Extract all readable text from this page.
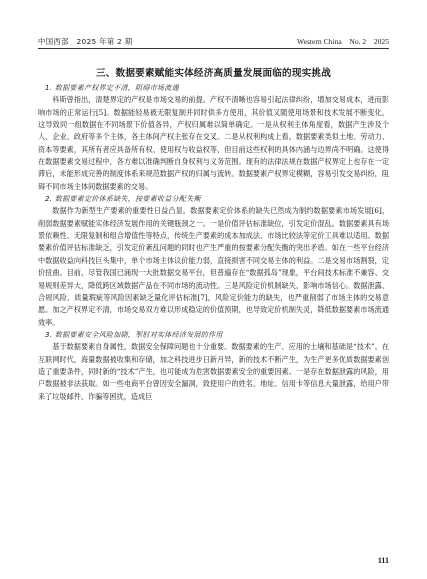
中国西部　2025 年第 2 期	Western China　No. 2　2025
三、数据要素赋能实体经济高质量发展面临的现实挑战
1. 数据要素产权界定不清，阻碍市场流通

科斯曾指出，清楚界定的产权是市场交易的前提。产权不清晰也容易引起法律纠纷，增加交易成本，进而影响市场的正常运行[5]。数据能轻易被无限复制并同时供多方使用，其价值又随使用场景和技术发展不断变化，这导致同一组数据在不同场景下价值各异，产权归属难以简单确定。一是从权利主体角度看，数据产生涉及个人、企业、政府等多个主体，各主体间产权主张存在交叉。二是从权利构成上看，数据要素类似土地、劳动力、资本等要素，其所有者应具备所有权、使用权与收益权等，但目前这些权利的具体内涵与边界尚不明确。这使得在数据要素交易过程中，各方难以准确判断自身权利与义务范围。现有的法律法规在数据产权界定上也存在一定滞后，未能形成完善的制度体系来规范数据产权的归属与流转。数据要素产权界定模糊，容易引发交易纠纷，阻碍不同市场主体间数据要素的交易。

2. 数据要素定价体系缺失，按要素收益分配失衡

数据作为新型生产要素的重要性日益凸显，数据要素定价体系的缺失已然成为制约数据要素市场发展[6]，削弱数据要素赋能实体经济发展作用的关键瓶颈之一。一是价值评估标准缺位，引发定价混乱。数据要素具有场景依赖性、无限复制和组合增值性等特点，传统生产要素的成本加成法、市场比较法等定价工具难以适用。数据要素价值评估标准缺乏，引发定价紊乱问题的同时也产生严重的按要素分配失衡的突出矛盾。如在一些平台经济中数据收益向科技巨头集中，单个市场主体议价能力弱，直接损害不同交易主体的利益。二是交易市场割裂，定价扭曲。目前，尽管我国已涌现一大批数据交易平台，但普遍存在“数据孤岛”现象，平台间技术标准不兼容、交易规则差异大，降低跨区域数据产品在不同市场的流动性。三是风险定价机制缺失，影响市场信心。数据泄露、合规风险、质量瑕疵等风险因素缺乏量化评估标准[7]，风险定价能力的缺失，也严重削弱了市场主体的交易意愿。加之产权界定不清，市场交易双方难以形成稳定的价值预期，也导致定价机制失灵，降低数据要素市场流通效率。

3. 数据要素安全风险加剧，掣肘对实体经济发展的作用

基于数据要素自身属性，数据安全保障问题也十分重要。数据要素的生产、应用的土壤和基础是“技术”。在互联网时代，海量数据被收集和存储，加之科技进步日新月异，新的技术不断产生，为生产更多优质数据要素创造了重要条件，同时新的“技术”产生，也可能成为危害数据要素安全的重要因素。一是存在数据泄露的风险，用户数据被非法获取。如一些电商平台曾因安全漏洞，致使用户的姓名、地址、信用卡等信息大量泄露，给用户带来了垃圾邮件、诈骗等困扰，造成巨

111
